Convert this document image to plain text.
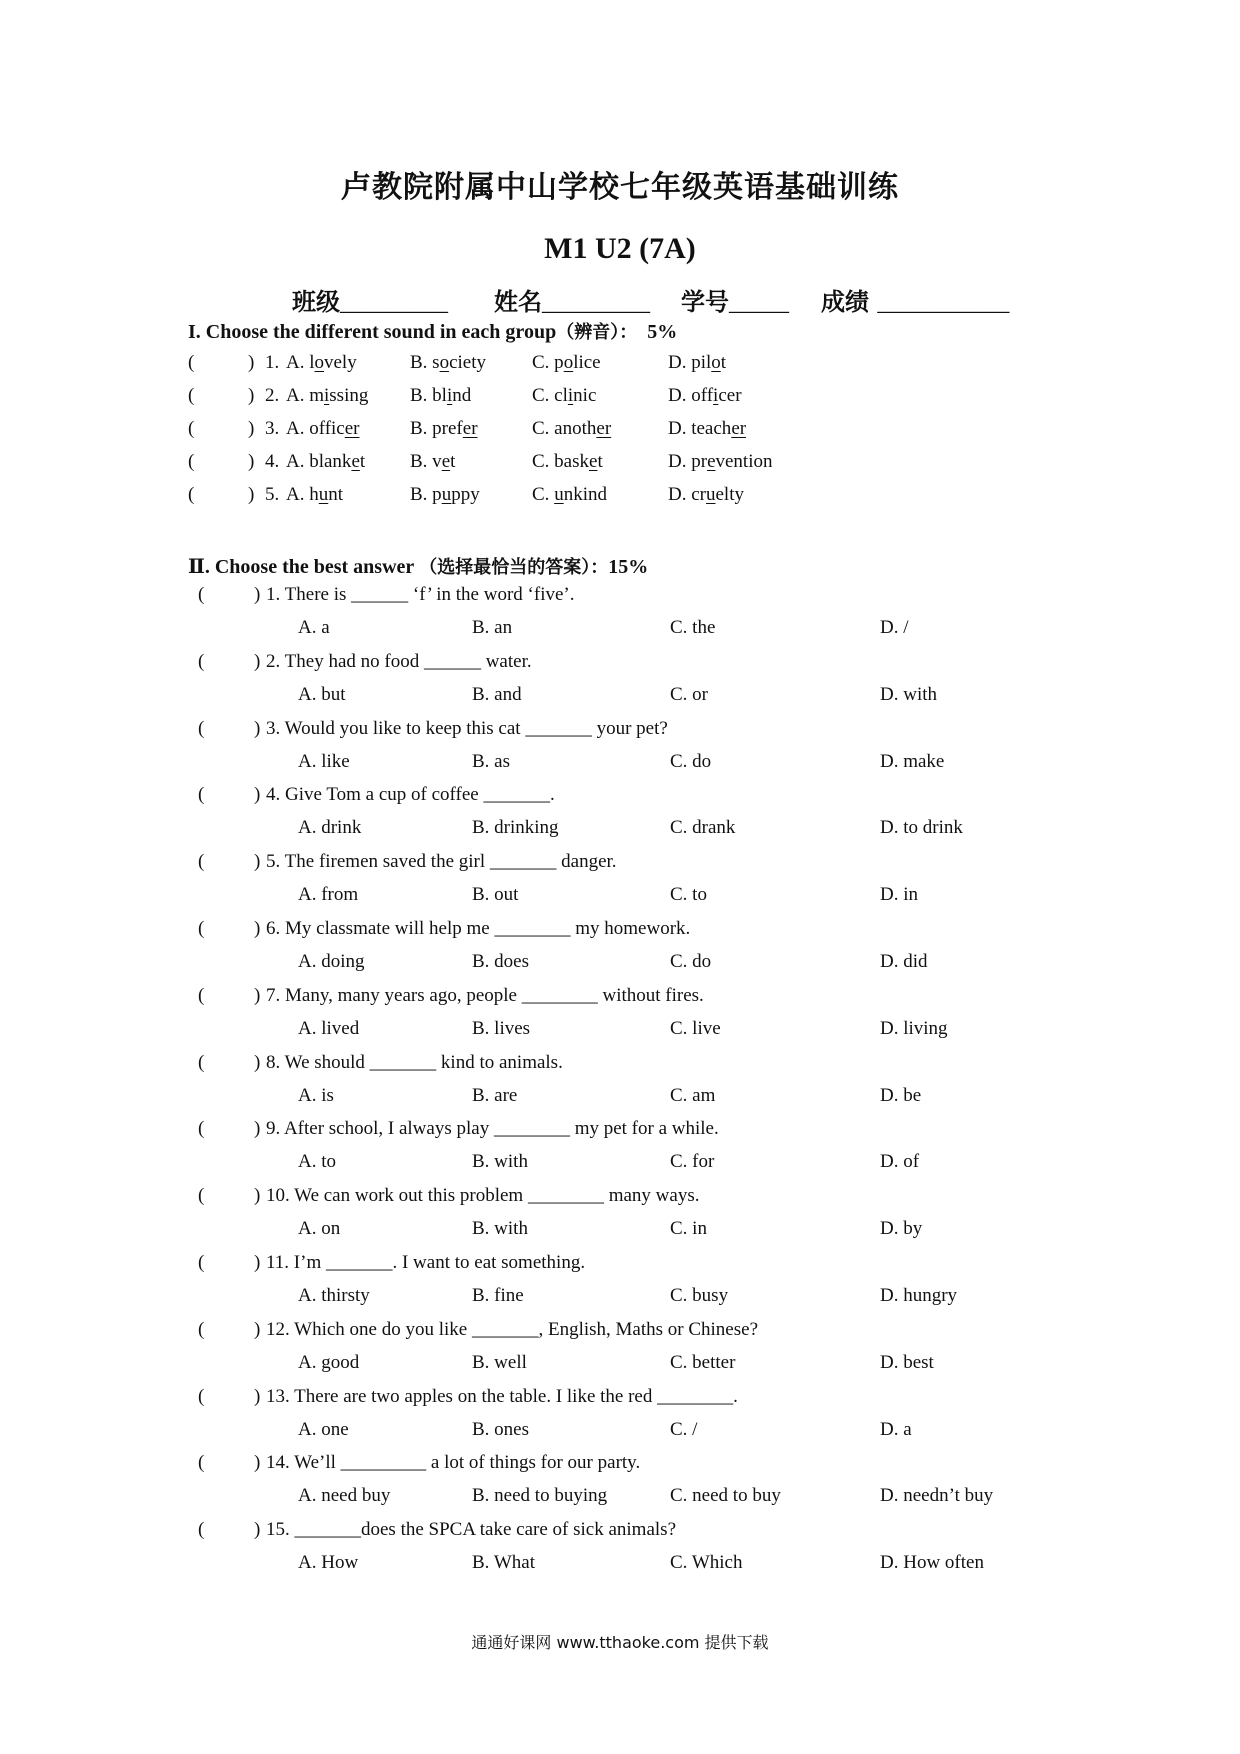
卢教院附属中山学校七年级英语基础训练
M1 U2 (7A)
班级_________ 姓名_________ 学号_____ 成绩 ___________
I. Choose the different sound in each group（辨音）： 5%
(	) 1. A. lovely	B. society C. police	D. pilot
(	) 2. A. missing B. blind	C. clinic	D. officer
(	) 3. A. officer	B. prefer	C. another	D. teacher
(	) 4. A. blanket B. vet	C. basket	D. prevention
(	) 5. A. hunt	B. puppy	C. unkind	D. cruelty
Ⅱ. Choose the best answer （选择最恰当的答案）：15%
(	) 1. There is ______ ‘f’ in the word ‘five’.
A. a	B. an	C. the	D. /
(	) 2. They had no food ______ water.
A. but	B. and	C. or	D. with
(	) 3. Would you like to keep this cat _______ your pet?
A. like	B. as	C. do	D. make
(	) 4. Give Tom a cup of coffee _______.
A. drink	B. drinking	C. drank	D. to drink
(	) 5. The firemen saved the girl _______ danger.
A. from	B. out	C. to	D. in
(	) 6. My classmate will help me ________ my homework.
A. doing	B. does	C. do	D. did
(	) 7. Many, many years ago, people ________ without fires.
A. lived	B. lives	C. live	D. living
(	) 8. We should _______ kind to animals.
A. is	B. are	C. am	D. be
(	) 9. After school, I always play ________ my pet for a while.
A. to	B. with	C. for	D. of
(	) 10. We can work out this problem ________ many ways.
A. on	B. with	C. in	D. by
(	) 11. I’m _______. I want to eat something.
A. thirsty	B. fine	C. busy	D. hungry
(	) 12. Which one do you like _______, English, Maths or Chinese?
A. good	B. well	C. better	D. best
(	) 13. There are two apples on the table. I like the red ________.
A. one	B. ones	C. /	D. a
(	) 14. We’ll _________ a lot of things for our party.
A. need buy	B. need to buying	C. need to buy	D. needn’t buy
(	) 15. _______does the SPCA take care of sick animals?
A. How	B. What	C. Which	D. How often
通通好课网 www.tthaoke.com 提供下载
